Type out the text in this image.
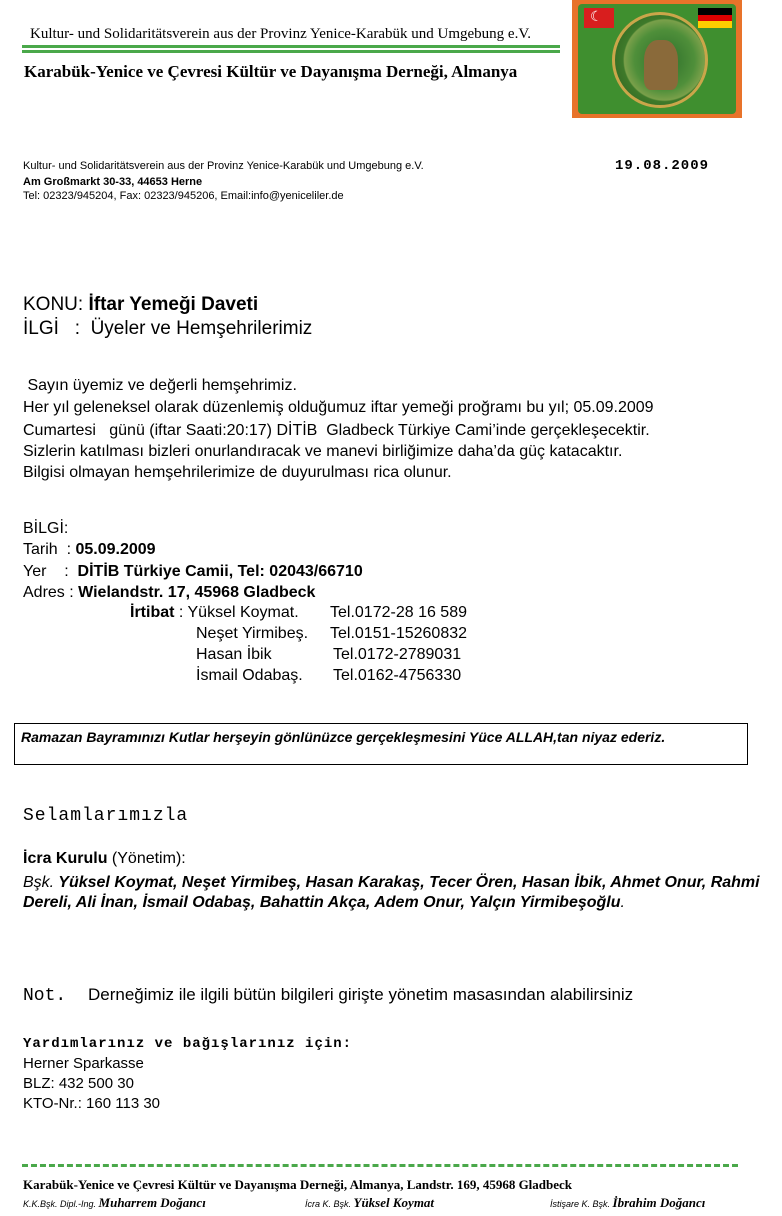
Kultur- und Solidaritätsverein aus der Provinz Yenice-Karabük und Umgebung e.V.
Karabük-Yenice ve Çevresi Kültür ve Dayanışma Derneği, Almanya
☾
Kultur- und Solidaritätsverein aus der Provinz Yenice-Karabük und Umgebung e.V.
Am Großmarkt 30-33, 44653 Herne
Tel: 02323/945204, Fax: 02323/945206, Email:info@yeniceliler.de
19.08.2009
KONU: İftar Yemeği Daveti
İLGİ   :  Üyeler ve Hemşehrilerimiz
Sayın üyemiz ve değerli hemşehrimiz.
Her yıl geleneksel olarak düzenlemiş olduğumuz iftar yemeği proğramı bu yıl; 05.09.2009
Cumartesi   günü (iftar Saati:20:17) DİTİB  Gladbeck Türkiye Cami’inde gerçekleşecektir.
Sizlerin katılması bizleri onurlandıracak ve manevi birliğimize daha’da güç katacaktır.
Bilgisi olmayan hemşehrilerimize de duyurulması rica olunur.
BİLGİ:
Tarih  : 05.09.2009
Yer    :  DİTİB Türkiye Camii, Tel: 02043/66710
Adres : Wielandstr. 17, 45968 Gladbeck
İrtibat : Yüksel Koymat. Tel.0172-28 16 589
Neşet Yirmibeş. Tel.0151-15260832
Hasan İbik	Tel.0172-2789031
İsmail Odabaş. Tel.0162-4756330
Ramazan Bayramınızı Kutlar herşeyin gönlünüzce gerçekleşmesini Yüce ALLAH,tan niyaz ederiz.
Selamlarımızla
İcra Kurulu (Yönetim):
Bşk. Yüksel Koymat, Neşet Yirmibeş, Hasan Karakaş, Tecer Ören, Hasan İbik, Ahmet Onur, Rahmi Dereli, Ali İnan, İsmail Odabaş, Bahattin Akça, Adem Onur, Yalçın Yirmibeşoğlu.
Not. Derneğimiz ile ilgili bütün bilgileri girişte yönetim masasından alabilirsiniz
Yardımlarınız ve bağışlarınız için:
Herner Sparkasse
BLZ: 432 500 30
KTO-Nr.: 160 113 30
Karabük-Yenice ve Çevresi Kültür ve Dayanışma Derneği, Almanya, Landstr. 169, 45968 Gladbeck
K.K.Bşk. Dipl.-Ing. Muharrem Doğancı	İcra K. Bşk. Yüksel Koymat	İstişare K. Bşk. İbrahim Doğancı
